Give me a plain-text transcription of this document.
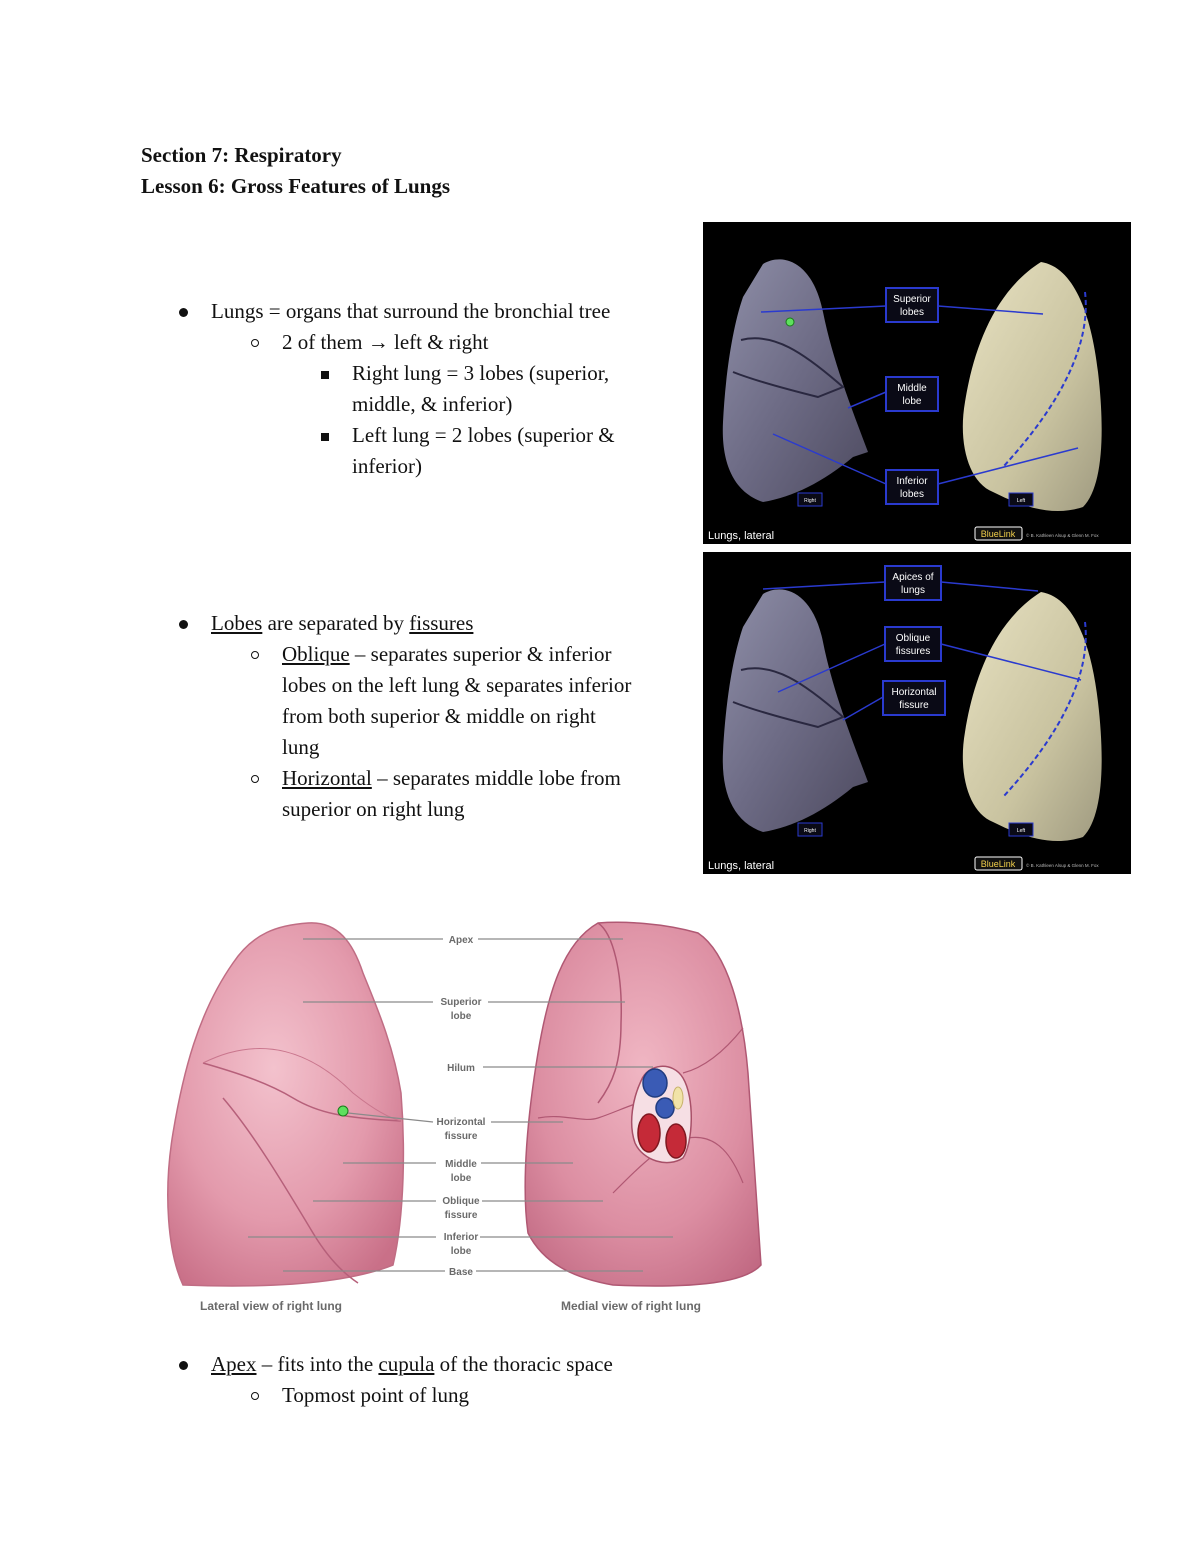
Section 7: Respiratory
Lesson 6: Gross Features of Lungs
Lungs = organs that surround the bronchial tree
2 of them → left & right
Right lung = 3 lobes (superior,
middle, & inferior)
Left lung = 2 lobes (superior &
inferior)
Lobes are separated by fissures
Oblique – separates superior & inferior
lobes on the left lung & separates inferior
from both superior & middle on right
lung
Horizontal – separates middle lobe from
superior on right lung
Apex – fits into the cupula of the thoracic space
Topmost point of lung
Superior
lobes
Middle
lobe
Inferior
lobes
Right	Left
Lungs, lateral	BlueLink © B. Kathleen Alsup & Glenn M. Fox
Apices of
lungs
Oblique
fissures
Horizontal
fissure
Right	Left
Lungs, lateral	BlueLink © B. Kathleen Alsup & Glenn M. Fox
Apex
Superior
lobe
Hilum
Horizontal
fissure
Middle
lobe
Oblique
fissure
Inferior
lobe
Base
Lateral view of right lung	Medial view of right lung
